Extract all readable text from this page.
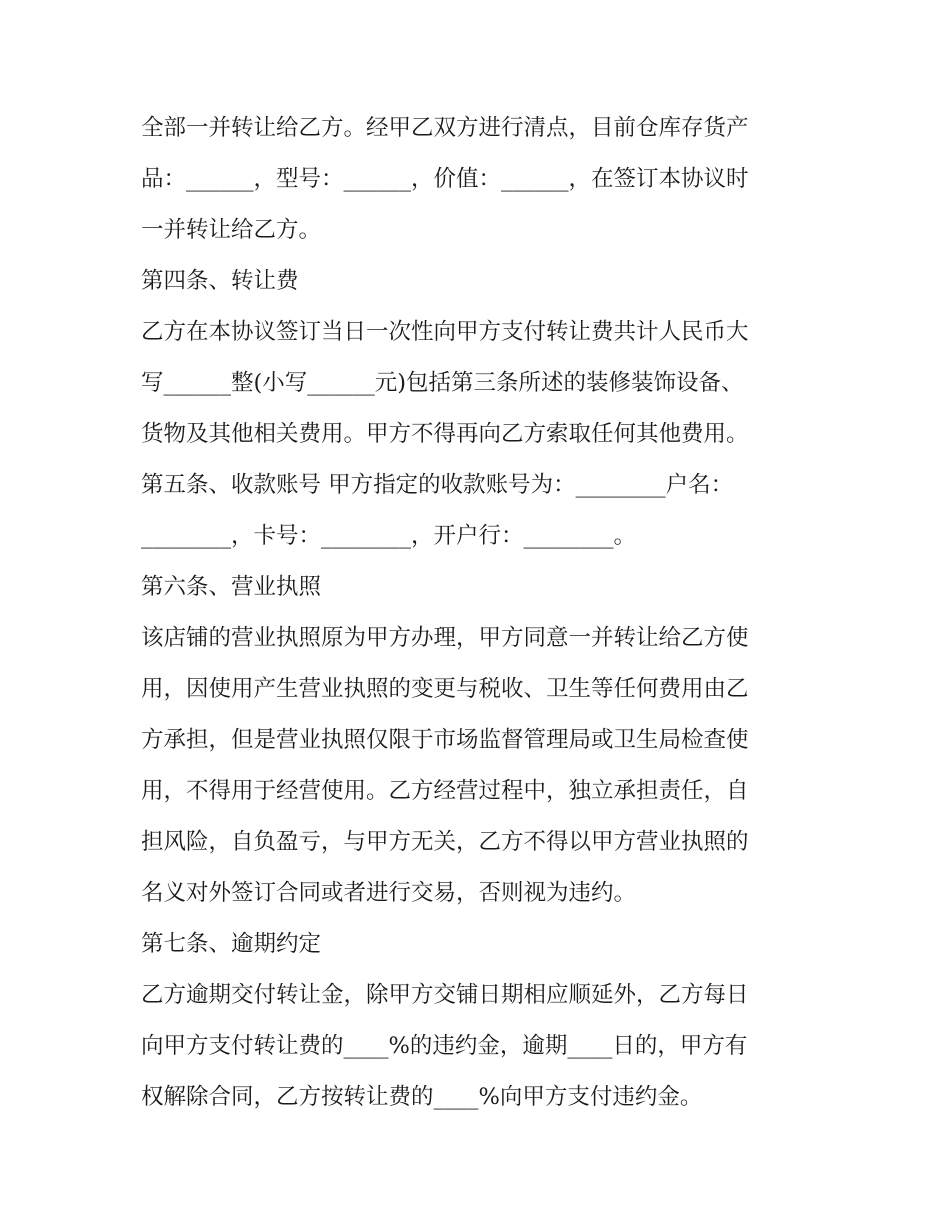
全部一并转让给乙方。经甲乙双方进行清点，目前仓库存货产
品：______，型号：______，价值：______，在签订本协议时
一并转让给乙方。
第四条、转让费
乙方在本协议签订当日一次性向甲方支付转让费共计人民币大
写______整(小写______元)包括第三条所述的装修装饰设备、
货物及其他相关费用。甲方不得再向乙方索取任何其他费用。
第五条、收款账号 甲方指定的收款账号为：________户名：
________，卡号：________，开户行：________。
第六条、营业执照
该店铺的营业执照原为甲方办理，甲方同意一并转让给乙方使
用，因使用产生营业执照的变更与税收、卫生等任何费用由乙
方承担，但是营业执照仅限于市场监督管理局或卫生局检查使
用，不得用于经营使用。乙方经营过程中，独立承担责任，自
担风险，自负盈亏，与甲方无关，乙方不得以甲方营业执照的
名义对外签订合同或者进行交易，否则视为违约。
第七条、逾期约定
乙方逾期交付转让金，除甲方交铺日期相应顺延外，乙方每日
向甲方支付转让费的____%的违约金，逾期____日的，甲方有
权解除合同，乙方按转让费的____%向甲方支付违约金。
